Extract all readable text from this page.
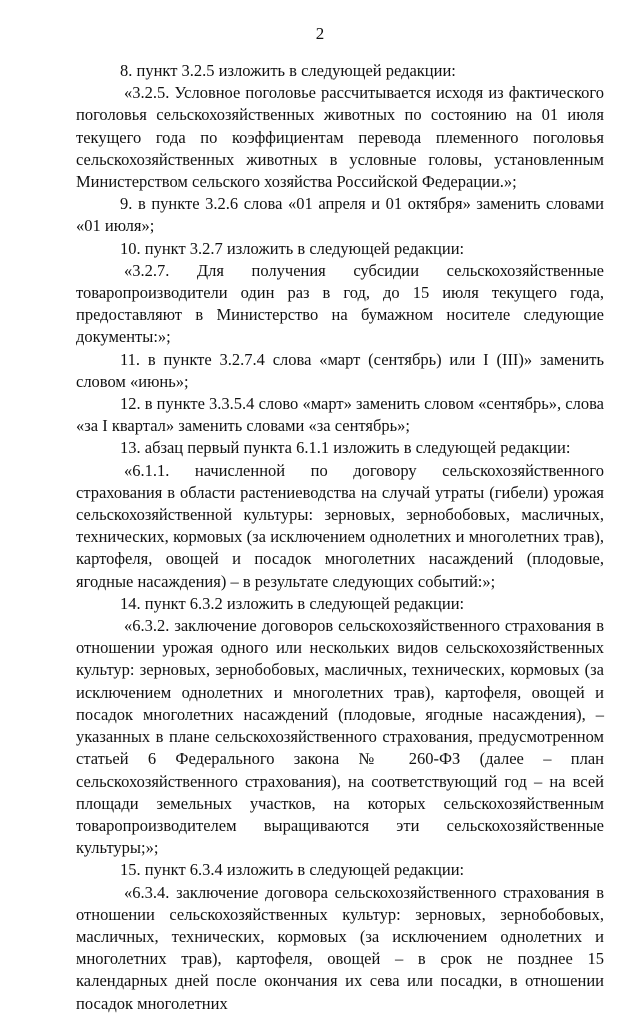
2

8. пункт 3.2.5 изложить в следующей редакции:

«3.2.5. Условное поголовье рассчитывается исходя из фактического поголовья сельскохозяйственных животных по состоянию на 01 июля текущего года по коэффициентам перевода племенного поголовья сельскохозяйственных животных в условные головы, установленным Министерством сельского хозяйства Российской Федерации.»;

9. в пункте 3.2.6 слова «01 апреля и 01 октября» заменить словами «01 июля»;

10. пункт 3.2.7 изложить в следующей редакции:

«3.2.7. Для получения субсидии сельскохозяйственные товаропроизводители один раз в год, до 15 июля текущего года, предоставляют в Министерство на бумажном носителе следующие документы:»;

11. в пункте 3.2.7.4 слова «март (сентябрь) или I (III)» заменить словом «июнь»;

12. в пункте 3.3.5.4 слово «март» заменить словом «сентябрь», слова «за I квартал» заменить словами «за сентябрь»;

13. абзац первый пункта 6.1.1 изложить в следующей редакции:

«6.1.1. начисленной по договору сельскохозяйственного страхования в области растениеводства на случай утраты (гибели) урожая сельскохозяйственной культуры: зерновых, зернобобовых, масличных, технических, кормовых (за исключением однолетних и многолетних трав), картофеля, овощей и посадок многолетних насаждений (плодовые, ягодные насаждения) – в результате следующих событий:»;

14. пункт 6.3.2 изложить в следующей редакции:

«6.3.2. заключение договоров сельскохозяйственного страхования в отношении урожая одного или нескольких видов сельскохозяйственных культур: зерновых, зернобобовых, масличных, технических, кормовых (за исключением однолетних и многолетних трав), картофеля, овощей и посадок многолетних насаждений (плодовые, ягодные насаждения), – указанных в плане сельскохозяйственного страхования, предусмотренном статьей 6 Федерального закона № 260-ФЗ (далее – план сельскохозяйственного страхования), на соответствующий год – на всей площади земельных участков, на которых сельскохозяйственным товаропроизводителем выращиваются эти сельскохозяйственные культуры;»;

15. пункт 6.3.4 изложить в следующей редакции:

«6.3.4. заключение договора сельскохозяйственного страхования в отношении сельскохозяйственных культур: зерновых, зернобобовых, масличных, технических, кормовых (за исключением однолетних и многолетних трав), картофеля, овощей – в срок не позднее 15 календарных дней после окончания их сева или посадки, в отношении посадок многолетних
